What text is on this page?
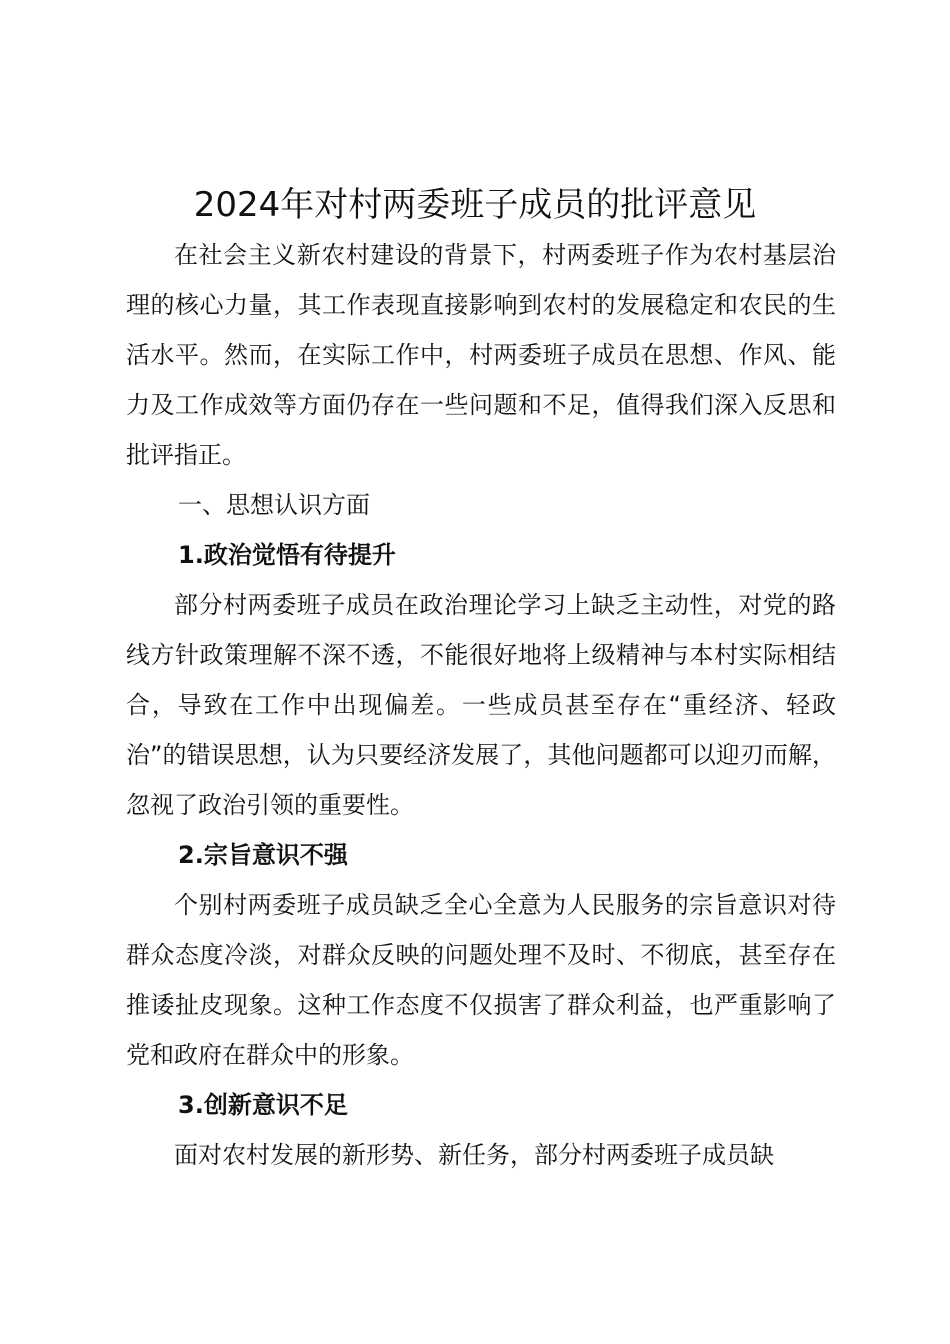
2024年对村两委班子成员的批评意见

在社会主义新农村建设的背景下，村两委班子作为农村基层治理的核心力量，其工作表现直接影响到农村的发展稳定和农民的生活水平。然而，在实际工作中，村两委班子成员在思想、作风、能力及工作成效等方面仍存在一些问题和不足，值得我们深入反思和批评指正。

一、思想认识方面
1.政治觉悟有待提升

部分村两委班子成员在政治理论学习上缺乏主动性，对党的路线方针政策理解不深不透，不能很好地将上级精神与本村实际相结合，导致在工作中出现偏差。一些成员甚至存在“重经济、轻政治”的错误思想，认为只要经济发展了，其他问题都可以迎刃而解，忽视了政治引领的重要性。

2.宗旨意识不强

个别村两委班子成员缺乏全心全意为人民服务的宗旨意识对待群众态度冷淡，对群众反映的问题处理不及时、不彻底，甚至存在推诿扯皮现象。这种工作态度不仅损害了群众利益，也严重影响了党和政府在群众中的形象。

3.创新意识不足

面对农村发展的新形势、新任务，部分村两委班子成员缺
